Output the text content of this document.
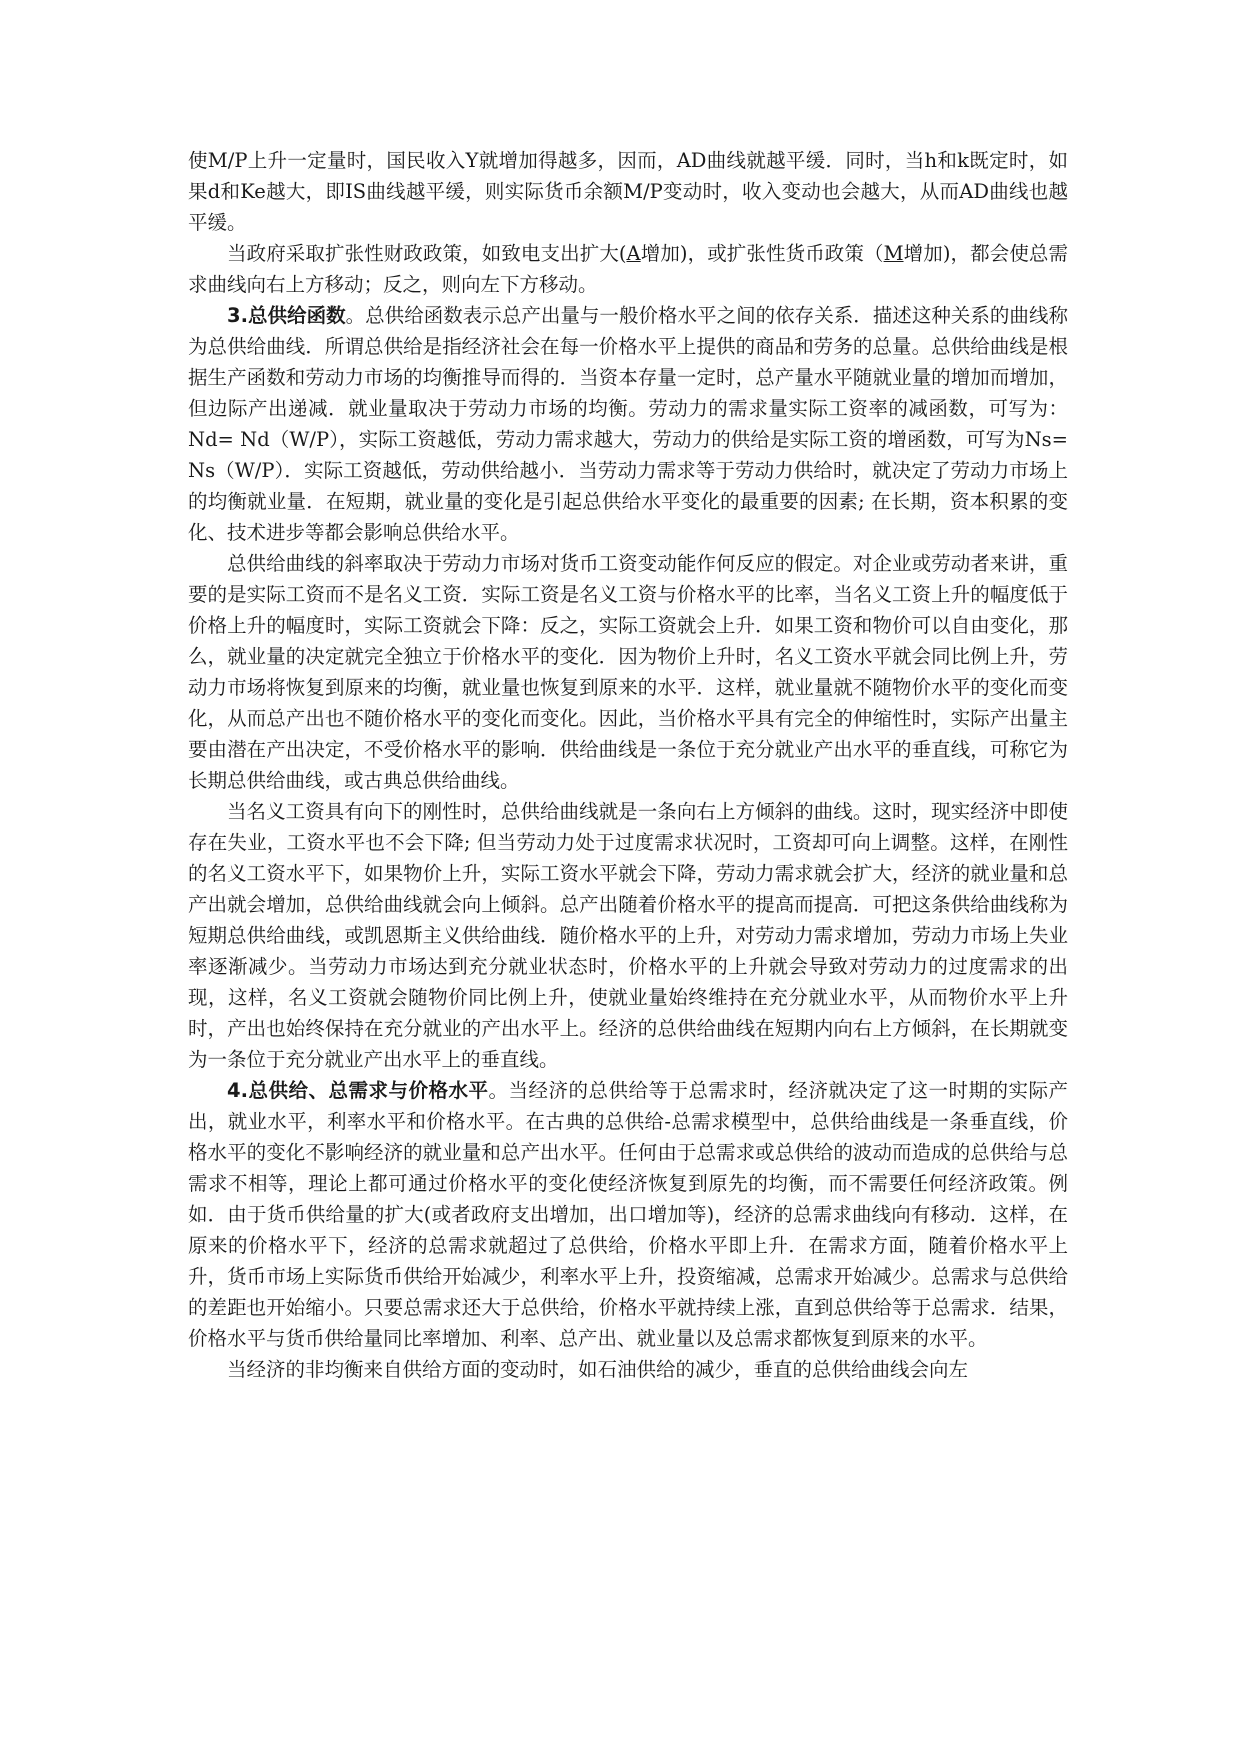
使M/P上升一定量时，国民收入Y就增加得越多，因而，AD曲线就越平缓．同时，当h和k既定时，如果d和Ke越大，即IS曲线越平缓，则实际货币余额M/P变动时，收入变动也会越大，从而AD曲线也越平缓。

当政府采取扩张性财政政策，如致电支出扩大(A增加)，或扩张性货币政策（M增加)，都会使总需求曲线向右上方移动；反之，则向左下方移动。

3.总供给函数。总供给函数表示总产出量与一般价格水平之间的依存关系．描述这种关系的曲线称为总供给曲线．所谓总供给是指经济社会在每一价格水平上提供的商品和劳务的总量。总供给曲线是根据生产函数和劳动力市场的均衡推导而得的．当资本存量一定时，总产量水平随就业量的增加而增加，但边际产出递减．就业量取决于劳动力市场的均衡。劳动力的需求量实际工资率的减函数，可写为：Nd= Nd（W/P），实际工资越低，劳动力需求越大，劳动力的供给是实际工资的增函数，可写为Ns= Ns（W/P）．实际工资越低，劳动供给越小．当劳动力需求等于劳动力供给时，就决定了劳动力市场上的均衡就业量．在短期，就业量的变化是引起总供给水平变化的最重要的因素; 在长期，资本积累的变化、技术进步等都会影响总供给水平。

总供给曲线的斜率取决于劳动力市场对货币工资变动能作何反应的假定。对企业或劳动者来讲，重要的是实际工资而不是名义工资．实际工资是名义工资与价格水平的比率，当名义工资上升的幅度低于价格上升的幅度时，实际工资就会下降：反之，实际工资就会上升．如果工资和物价可以自由变化，那么，就业量的决定就完全独立于价格水平的变化．因为物价上升时，名义工资水平就会同比例上升，劳动力市场将恢复到原来的均衡，就业量也恢复到原来的水平．这样，就业量就不随物价水平的变化而变化，从而总产出也不随价格水平的变化而变化。因此，当价格水平具有完全的伸缩性时，实际产出量主要由潜在产出决定，不受价格水平的影响．供给曲线是一条位于充分就业产出水平的垂直线，可称它为长期总供给曲线，或古典总供给曲线。

当名义工资具有向下的刚性时，总供给曲线就是一条向右上方倾斜的曲线。这时，现实经济中即使存在失业，工资水平也不会下降; 但当劳动力处于过度需求状况时，工资却可向上调整。这样，在刚性的名义工资水平下，如果物价上升，实际工资水平就会下降，劳动力需求就会扩大，经济的就业量和总产出就会增加，总供给曲线就会向上倾斜。总产出随着价格水平的提高而提高．可把这条供给曲线称为短期总供给曲线，或凯恩斯主义供给曲线．随价格水平的上升，对劳动力需求增加，劳动力市场上失业率逐渐减少。当劳动力市场达到充分就业状态时，价格水平的上升就会导致对劳动力的过度需求的出现，这样，名义工资就会随物价同比例上升，使就业量始终维持在充分就业水平，从而物价水平上升时，产出也始终保持在充分就业的产出水平上。经济的总供给曲线在短期内向右上方倾斜，在长期就变为一条位于充分就业产出水平上的垂直线。

4.总供给、总需求与价格水平。当经济的总供给等于总需求时，经济就决定了这一时期的实际产出，就业水平，利率水平和价格水平。在古典的总供给-总需求模型中，总供给曲线是一条垂直线，价格水平的变化不影响经济的就业量和总产出水平。任何由于总需求或总供给的波动而造成的总供给与总需求不相等，理论上都可通过价格水平的变化使经济恢复到原先的均衡，而不需要任何经济政策。例如．由于货币供给量的扩大(或者政府支出增加，出口增加等)，经济的总需求曲线向有移动．这样，在原来的价格水平下，经济的总需求就超过了总供给，价格水平即上升．在需求方面，随着价格水平上升，货币市场上实际货币供给开始减少，利率水平上升，投资缩减，总需求开始减少。总需求与总供给的差距也开始缩小。只要总需求还大于总供给，价格水平就持续上涨，直到总供给等于总需求．结果，价格水平与货币供给量同比率增加、利率、总产出、就业量以及总需求都恢复到原来的水平。

当经济的非均衡来自供给方面的变动时，如石油供给的减少，垂直的总供给曲线会向左
